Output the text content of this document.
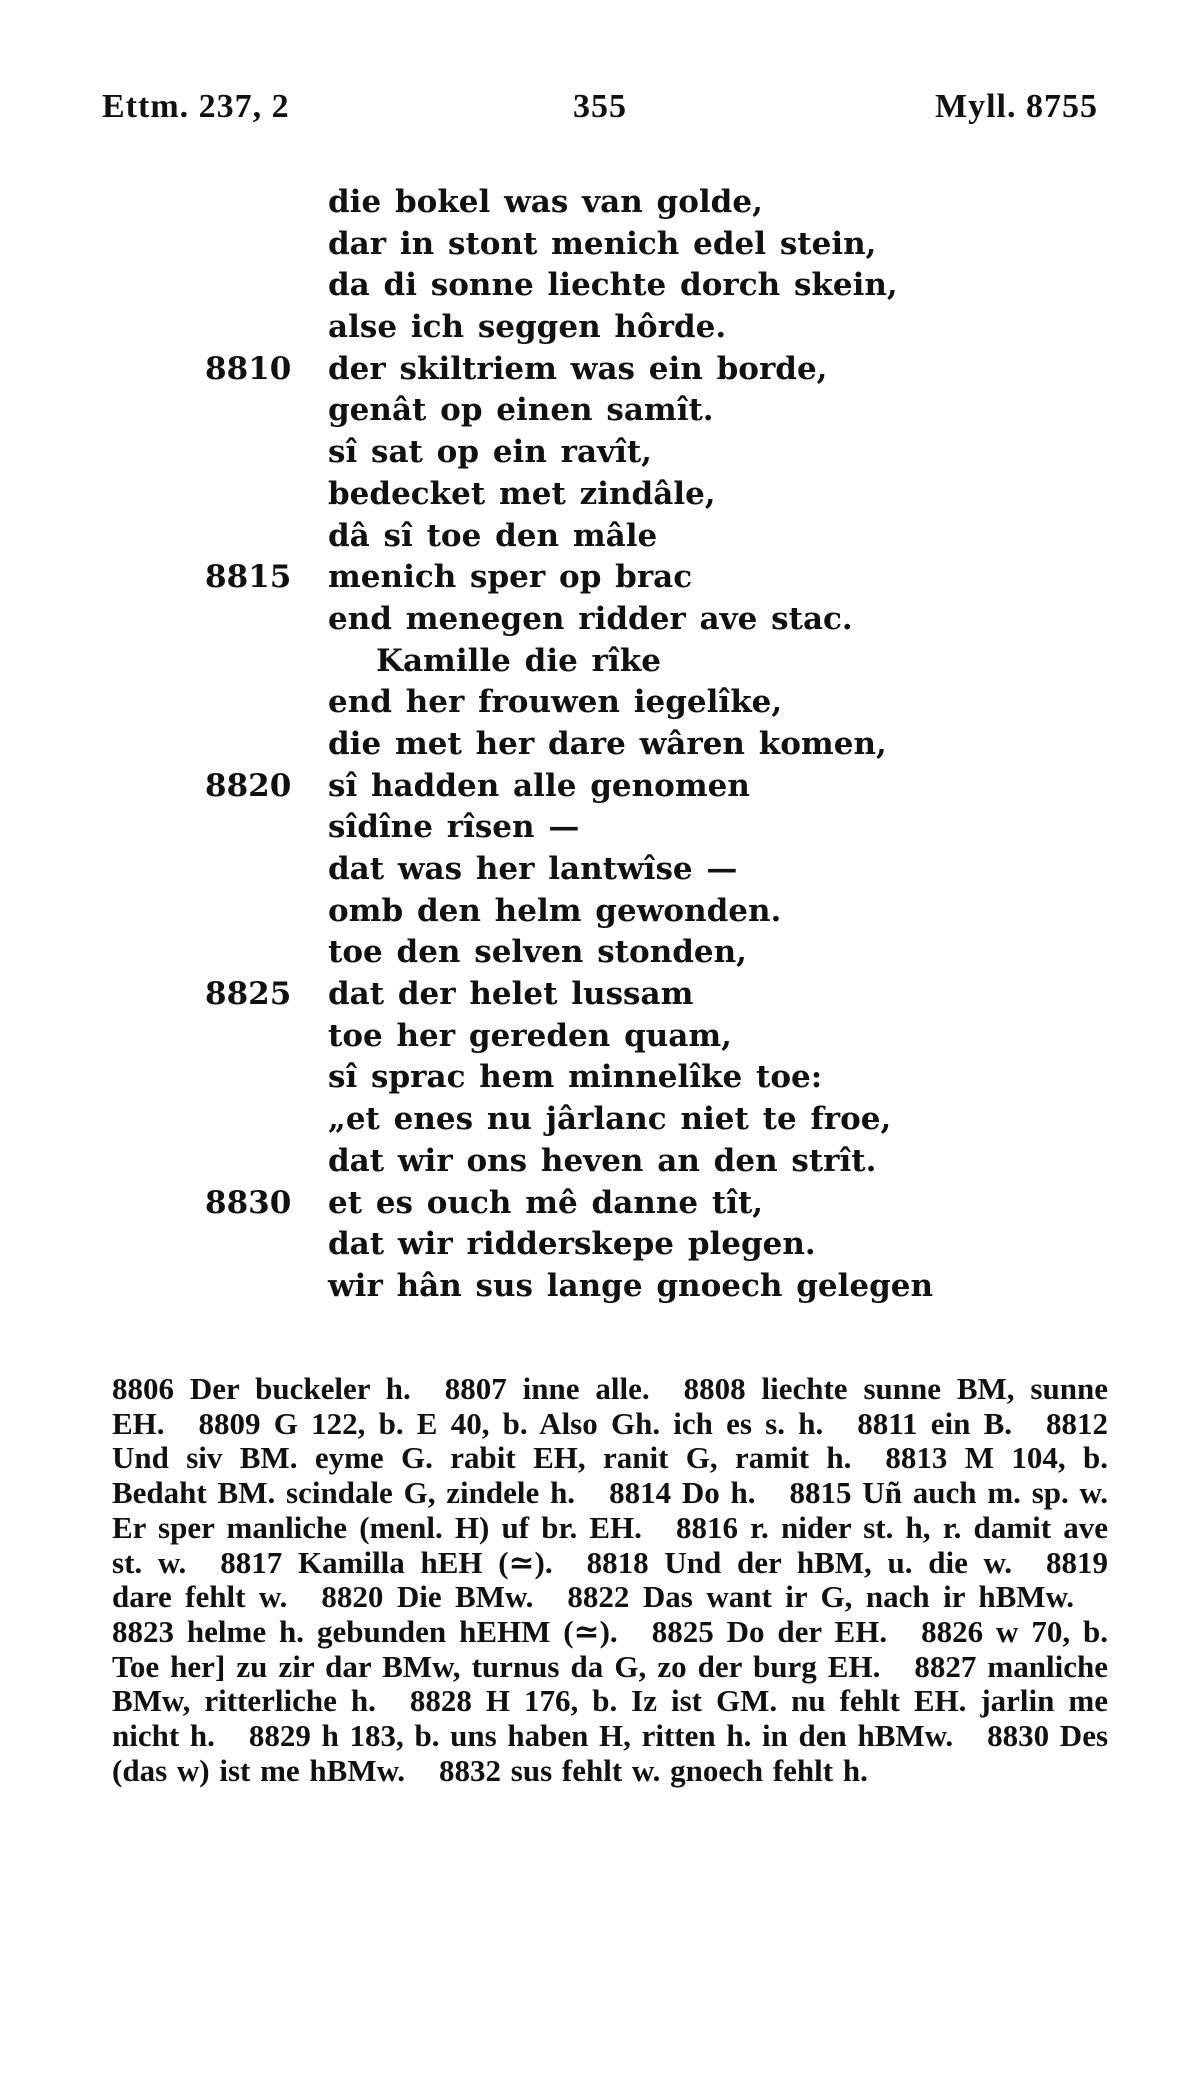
Ettm. 237, 2	355	Myll. 8755
die bokel was van golde,
dar in stont menich edel stein,
da di sonne liechte dorch skein,
alse ich seggen hôrde.
8810 der skiltriem was ein borde,
genât op einen samît.
sî sat op ein ravît,
bedecket met zindâle,
dâ sî toe den mâle
8815 menich sper op brac
end menegen ridder ave stac.
Kamille die rîke
end her frouwen iegelîke,
die met her dare wâren komen,
8820 sî hadden alle genomen
sîdîne rîsen —
dat was her lantwîse —
omb den helm gewonden.
toe den selven stonden,
8825 dat der helet lussam
toe her gereden quam,
sî sprac hem minnelîke toe:
„et enes nu jârlanc niet te froe,
dat wir ons heven an den strît.
8830 et es ouch mê danne tît,
dat wir ridderskepe plegen.
wir hân sus lange gnoech gelegen
8806 Der buckeler h. 8807 inne alle. 8808 liechte sunne BM, sunne EH. 8809 G 122, b. E 40, b. Also Gh. ich es s. h. 8811 ein B. 8812 Und siv BM. eyme G. rabit EH, ranit G, ramit h. 8813 M 104, b. Bedaht BM. scindale G, zindele h. 8814 Do h. 8815 Uñ auch m. sp. w. Er sper manliche (menl. H) uf br. EH. 8816 r. nider st. h, r. damit ave st. w. 8817 Kamilla hEH (≃). 8818 Und der hBM, u. die w. 8819 dare fehlt w. 8820 Die BMw. 8822 Das want ir G, nach ir hBMw.8823 helme h. gebunden hEHM (≃). 8825 Do der EH. 8826 w 70, b. Toe her] zu zir dar BMw, turnus da G, zo der burg EH. 8827 manliche BMw, ritterliche h. 8828 H 176, b. Iz ist GM. nu fehlt EH. jarlin me nicht h. 8829 h 183, b. uns haben H, ritten h. in den hBMw. 8830 Des (das w) ist me hBMw. 8832 sus fehlt w. gnoech fehlt h.
